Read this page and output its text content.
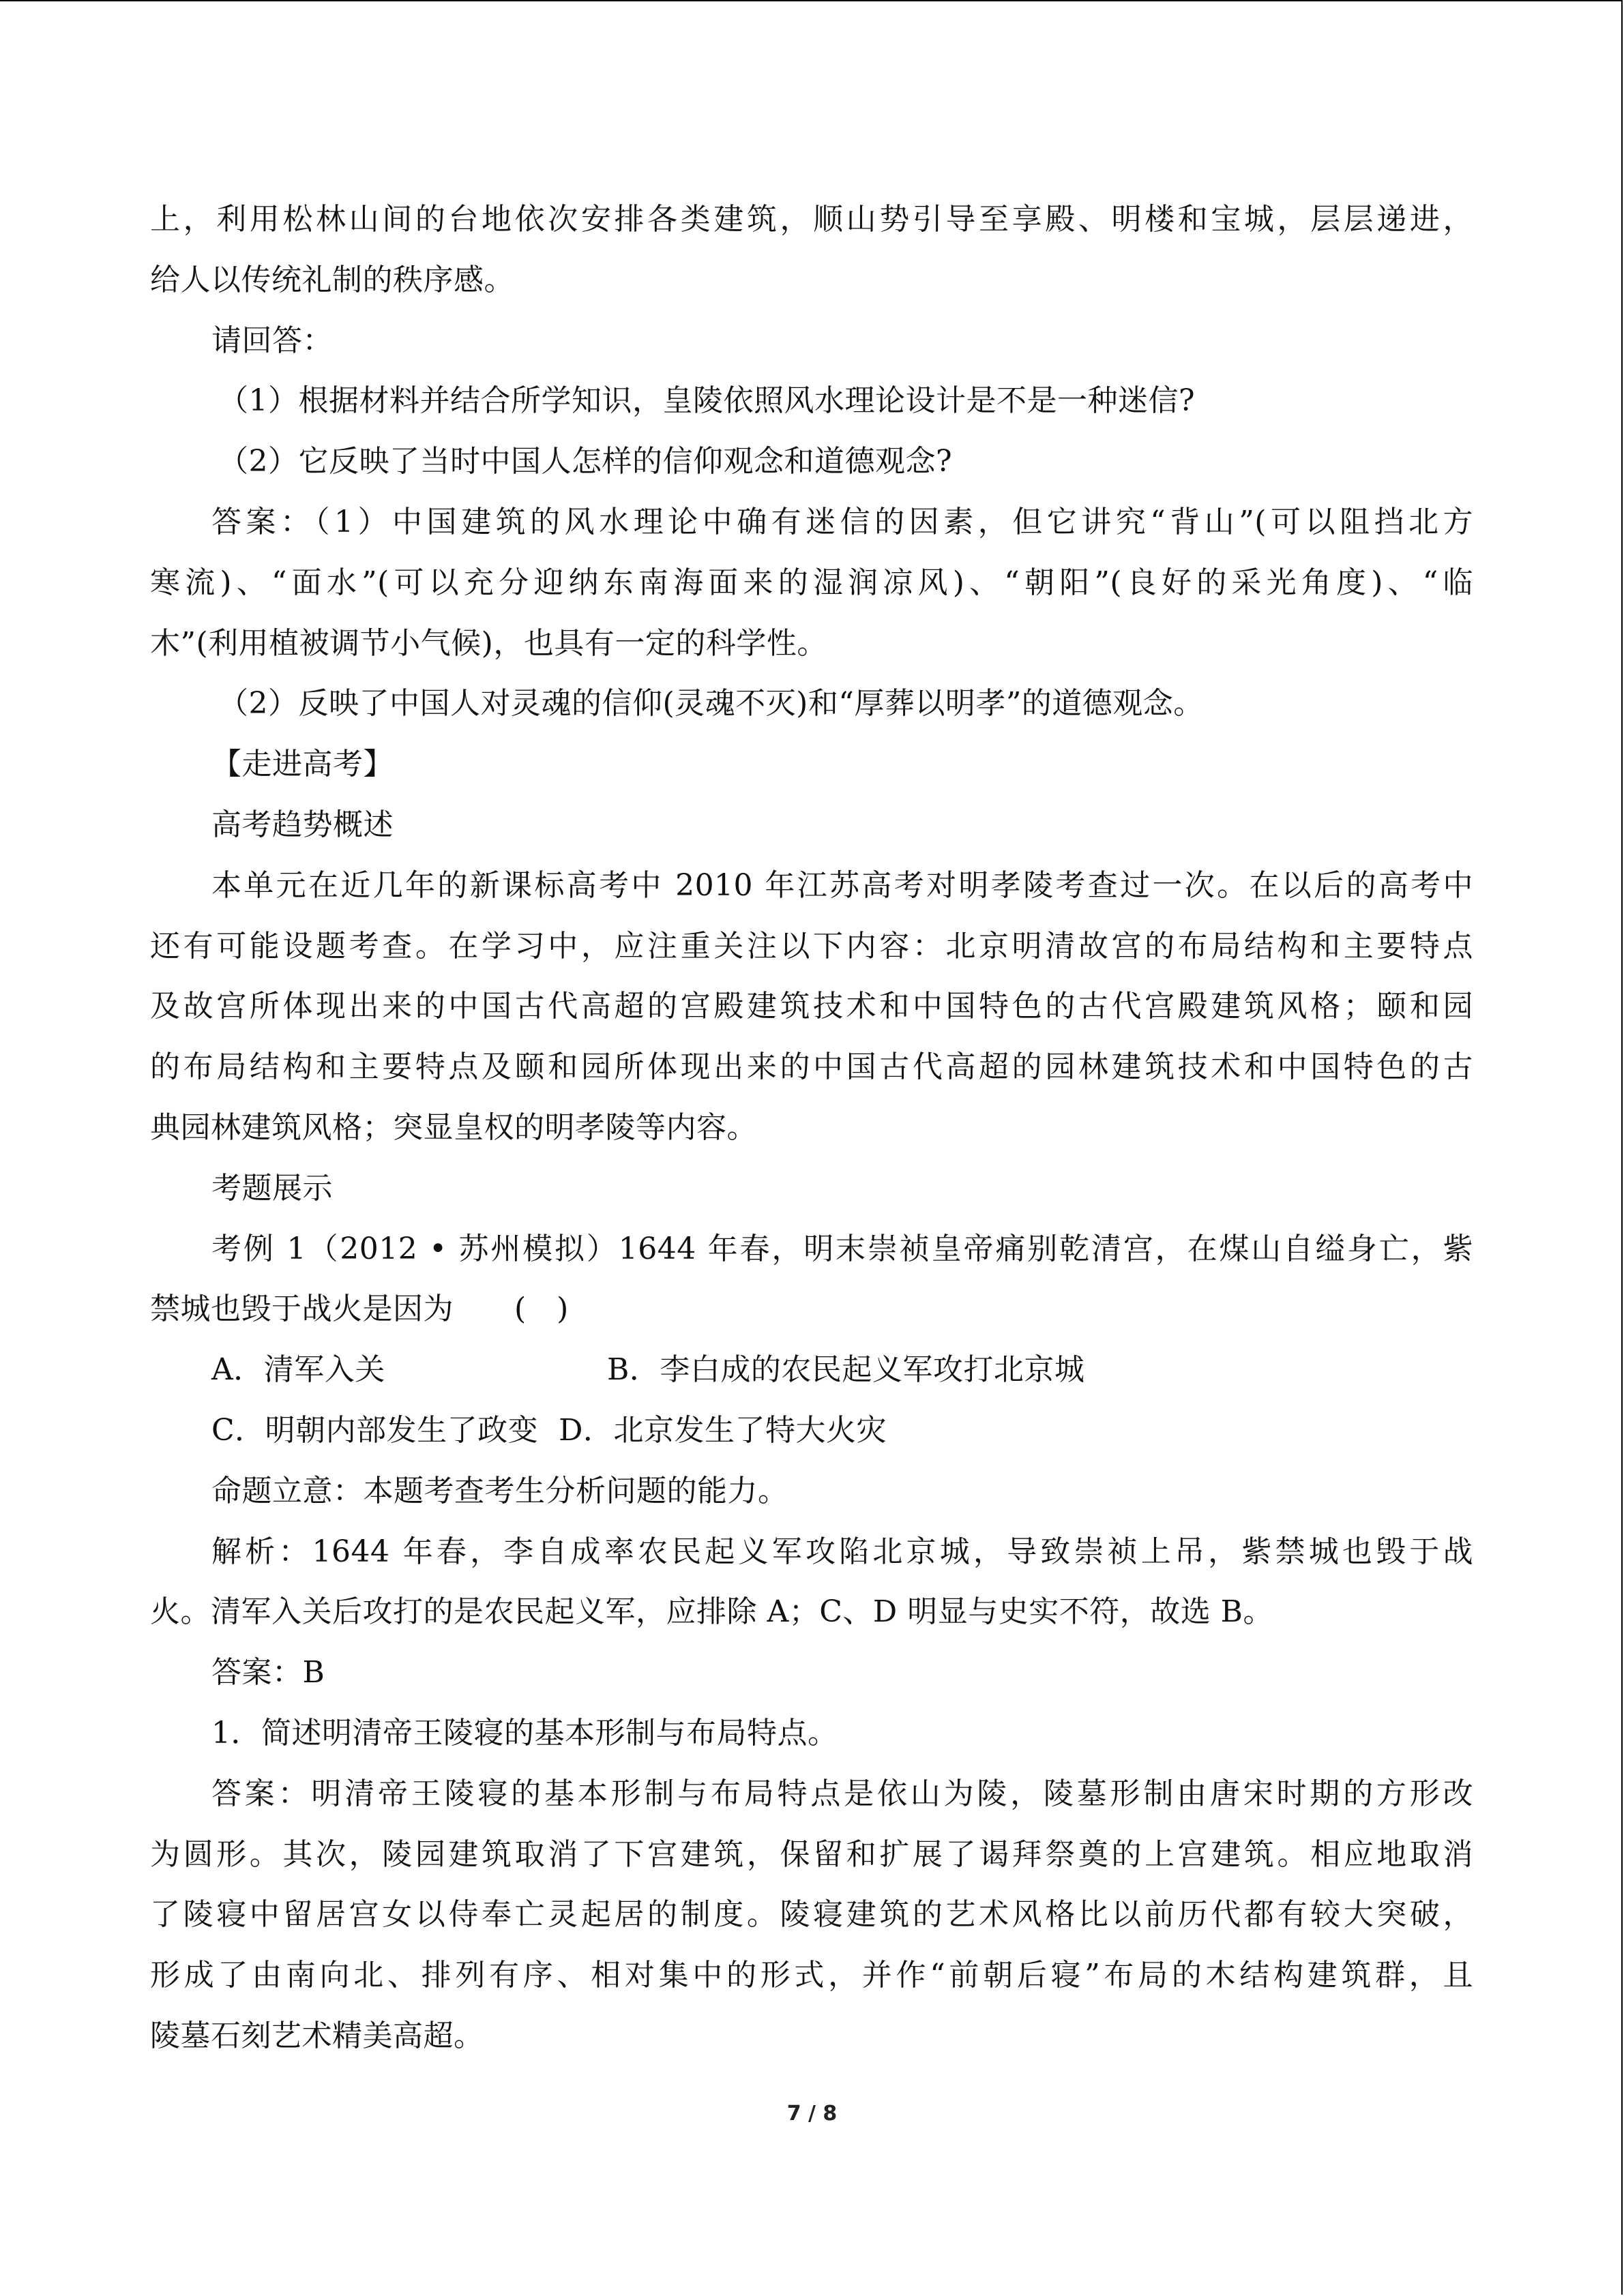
上，利用松林山间的台地依次安排各类建筑，顺山势引导至享殿、明楼和宝城，层层递进，
给人以传统礼制的秩序感。
请回答：
（1）根据材料并结合所学知识，皇陵依照风水理论设计是不是一种迷信?
（2）它反映了当时中国人怎样的信仰观念和道德观念?
答案：（1）中国建筑的风水理论中确有迷信的因素，但它讲究“背山”(可以阻挡北方
寒流)、“面水”(可以充分迎纳东南海面来的湿润凉风)、“朝阳”(良好的采光角度)、“临
木”(利用植被调节小气候)，也具有一定的科学性。
（2）反映了中国人对灵魂的信仰(灵魂不灭)和“厚葬以明孝”的道德观念。
【走进高考】
高考趋势概述
本单元在近几年的新课标高考中 2010 年江苏高考对明孝陵考查过一次。在以后的高考中
还有可能设题考查。在学习中，应注重关注以下内容：北京明清故宫的布局结构和主要特点
及故宫所体现出来的中国古代高超的宫殿建筑技术和中国特色的古代宫殿建筑风格；颐和园
的布局结构和主要特点及颐和园所体现出来的中国古代高超的园林建筑技术和中国特色的古
典园林建筑风格；突显皇权的明孝陵等内容。
考题展示
考例 1（2012 • 苏州模拟）1644 年春，明末崇祯皇帝痛别乾清宫，在煤山自缢身亡，紫
禁城也毁于战火是因为　　(　)
A．清军入关	B．李白成的农民起义军攻打北京城
C．明朝内部发生了政变 D．北京发生了特大火灾
命题立意：本题考查考生分析问题的能力。
解析：1644 年春，李自成率农民起义军攻陷北京城，导致崇祯上吊，紫禁城也毁于战
火。清军入关后攻打的是农民起义军，应排除 A；C、D 明显与史实不符，故选 B。
答案：B
1．简述明清帝王陵寝的基本形制与布局特点。
答案：明清帝王陵寝的基本形制与布局特点是依山为陵，陵墓形制由唐宋时期的方形改
为圆形。其次，陵园建筑取消了下宫建筑，保留和扩展了谒拜祭奠的上宫建筑。相应地取消
了陵寝中留居宫女以侍奉亡灵起居的制度。陵寝建筑的艺术风格比以前历代都有较大突破，
形成了由南向北、排列有序、相对集中的形式，并作“前朝后寝”布局的木结构建筑群，且
陵墓石刻艺术精美高超。
7 / 8
